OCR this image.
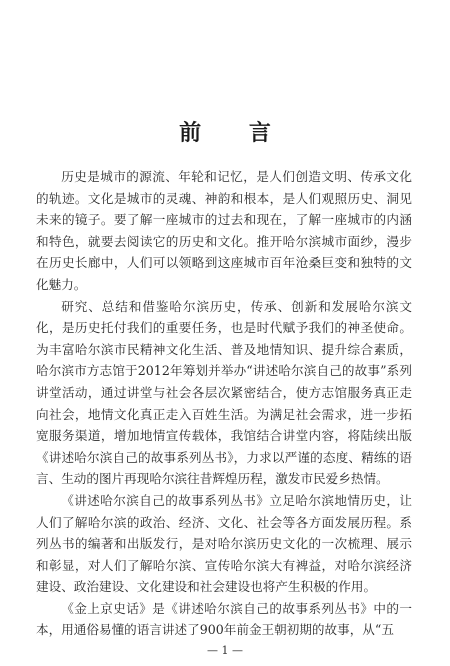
前 言

历史是城市的源流、年轮和记忆，是人们创造文明、传承文化的轨迹。文化是城市的灵魂、神韵和根本，是人们观照历史、洞见未来的镜子。要了解一座城市的过去和现在，了解一座城市的内涵和特色，就要去阅读它的历史和文化。推开哈尔滨城市面纱，漫步在历史长廊中，人们可以领略到这座城市百年沧桑巨变和独特的文化魅力。

研究、总结和借鉴哈尔滨历史，传承、创新和发展哈尔滨文化，是历史托付我们的重要任务，也是时代赋予我们的神圣使命。为丰富哈尔滨市民精神文化生活、普及地情知识、提升综合素质，哈尔滨市方志馆于2012年筹划并举办“讲述哈尔滨自己的故事”系列讲堂活动，通过讲堂与社会各层次紧密结合，使方志馆服务真正走向社会，地情文化真正走入百姓生活。为满足社会需求，进一步拓宽服务渠道，增加地情宣传载体，我馆结合讲堂内容，将陆续出版《讲述哈尔滨自己的故事系列丛书》，力求以严谨的态度、精练的语言、生动的图片再现哈尔滨往昔辉煌历程，激发市民爱乡热情。

《讲述哈尔滨自己的故事系列丛书》立足哈尔滨地情历史，让人们了解哈尔滨的政治、经济、文化、社会等各方面发展历程。系列丛书的编著和出版发行，是对哈尔滨历史文化的一次梳理、展示和彰显，对人们了解哈尔滨、宣传哈尔滨大有裨益，对哈尔滨经济建设、政治建设、文化建设和社会建设也将产生积极的作用。

《金上京史话》是《讲述哈尔滨自己的故事系列丛书》中的一本，用通俗易懂的语言讲述了900年前金王朝初期的故事，从“五

— 1 —
